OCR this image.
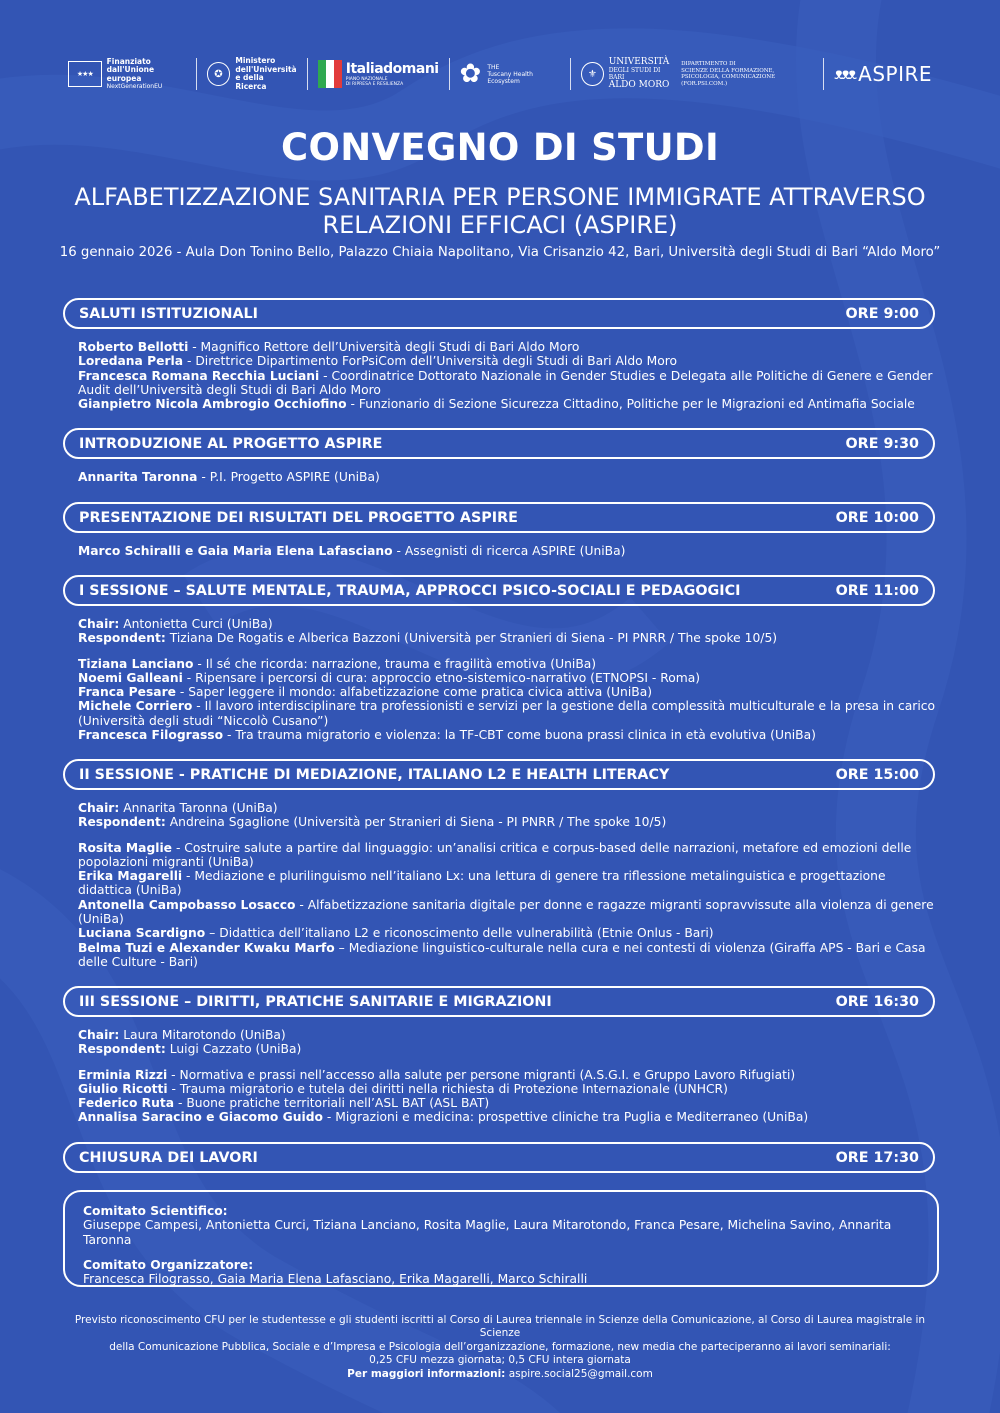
★★★
Finanziato
dall'Unione europea
NextGenerationEU
✪
Ministero
dell'Università
e della Ricerca
Italiadomani
PIANO NAZIONALE
DI RIPRESA E RESILIENZA	✿ THE
Tuscany Health Ecosystem
⚜
UNIVERSITÀ
DEGLI STUDI DI BARI
ALDO MORO
DIPARTIMENTO DI
SCIENZE DELLA FORMAZIONE,
PSICOLOGIA, COMUNICAZIONE (FOR.PSI.COM.)
ᴥᴥᴥ ASPIRE
CONVEGNO DI STUDI
ALFABETIZZAZIONE SANITARIA PER PERSONE IMMIGRATE ATTRAVERSO
RELAZIONI EFFICACI (ASPIRE)
16 gennaio 2026 - Aula Don Tonino Bello, Palazzo Chiaia Napolitano, Via Crisanzio 42, Bari, Università degli Studi di Bari “Aldo Moro”
SALUTI ISTITUZIONALI	ORE 9:00

Roberto Bellotti - Magnifico Rettore dell’Università degli Studi di Bari Aldo Moro

Loredana Perla - Direttrice Dipartimento ForPsiCom dell’Università degli Studi di Bari Aldo Moro

Francesca Romana Recchia Luciani - Coordinatrice Dottorato Nazionale in Gender Studies e Delegata alle Politiche di Genere e Gender Audit dell’Università degli Studi di Bari Aldo Moro

Gianpietro Nicola Ambrogio Occhiofino - Funzionario di Sezione Sicurezza Cittadino, Politiche per le Migrazioni ed Antimafia Sociale

INTRODUZIONE AL PROGETTO ASPIRE	ORE 9:30

Annarita Taronna - P.I. Progetto ASPIRE (UniBa)

PRESENTAZIONE DEI RISULTATI DEL PROGETTO ASPIRE	ORE 10:00

Marco Schiralli e Gaia Maria Elena Lafasciano - Assegnisti di ricerca ASPIRE (UniBa)

I SESSIONE – SALUTE MENTALE, TRAUMA, APPROCCI PSICO-SOCIALI E PEDAGOGICI	ORE 11:00

Chair: Antonietta Curci (UniBa)

Respondent: Tiziana De Rogatis e Alberica Bazzoni (Università per Stranieri di Siena - PI PNRR / The spoke 10/5)

Tiziana Lanciano - Il sé che ricorda: narrazione, trauma e fragilità emotiva (UniBa)

Noemi Galleani - Ripensare i percorsi di cura: approccio etno-sistemico-narrativo (ETNOPSI - Roma)

Franca Pesare - Saper leggere il mondo: alfabetizzazione come pratica civica attiva (UniBa)

Michele Corriero - Il lavoro interdisciplinare tra professionisti e servizi per la gestione della complessità multiculturale e la presa in carico (Università degli studi “Niccolò Cusano”)

Francesca Filograsso - Tra trauma migratorio e violenza: la TF-CBT come buona prassi clinica in età evolutiva (UniBa)

II SESSIONE - PRATICHE DI MEDIAZIONE, ITALIANO L2 E HEALTH LITERACY	ORE 15:00

Chair: Annarita Taronna (UniBa)

Respondent: Andreina Sgaglione (Università per Stranieri di Siena - PI PNRR / The spoke 10/5)

Rosita Maglie - Costruire salute a partire dal linguaggio: un’analisi critica e corpus-based delle narrazioni, metafore ed emozioni delle popolazioni migranti (UniBa)

Erika Magarelli - Mediazione e plurilinguismo nell’italiano Lx: una lettura di genere tra riflessione metalinguistica e progettazione didattica (UniBa)

Antonella Campobasso Losacco - Alfabetizzazione sanitaria digitale per donne e ragazze migranti sopravvissute alla violenza di genere (UniBa)

Luciana Scardigno – Didattica dell’italiano L2 e riconoscimento delle vulnerabilità (Etnie Onlus - Bari)

Belma Tuzi e Alexander Kwaku Marfo – Mediazione linguistico-culturale nella cura e nei contesti di violenza (Giraffa APS - Bari e Casa delle Culture - Bari)

III SESSIONE – DIRITTI, PRATICHE SANITARIE E MIGRAZIONI	ORE 16:30

Chair: Laura Mitarotondo (UniBa)

Respondent: Luigi Cazzato (UniBa)

Erminia Rizzi - Normativa e prassi nell’accesso alla salute per persone migranti (A.S.G.I. e Gruppo Lavoro Rifugiati)

Giulio Ricotti - Trauma migratorio e tutela dei diritti nella richiesta di Protezione Internazionale (UNHCR)

Federico Ruta - Buone pratiche territoriali nell’ASL BAT (ASL BAT)

Annalisa Saracino e Giacomo Guido - Migrazioni e medicina: prospettive cliniche tra Puglia e Mediterraneo (UniBa)

CHIUSURA DEI LAVORI	ORE 17:30

Comitato Scientifico:

Giuseppe Campesi, Antonietta Curci, Tiziana Lanciano, Rosita Maglie, Laura Mitarotondo, Franca Pesare, Michelina Savino, Annarita Taronna

Comitato Organizzatore:

Francesca Filograsso, Gaia Maria Elena Lafasciano, Erika Magarelli, Marco Schiralli

Previsto riconoscimento CFU per le studentesse e gli studenti iscritti al Corso di Laurea triennale in Scienze della Comunicazione, al Corso di Laurea magistrale in Scienze
della Comunicazione Pubblica, Sociale e d’Impresa e Psicologia dell’organizzazione, formazione, new media che parteciperanno ai lavori seminariali:
0,25 CFU mezza giornata; 0,5 CFU intera giornata
Per maggiori informazioni: aspire.social25@gmail.com
